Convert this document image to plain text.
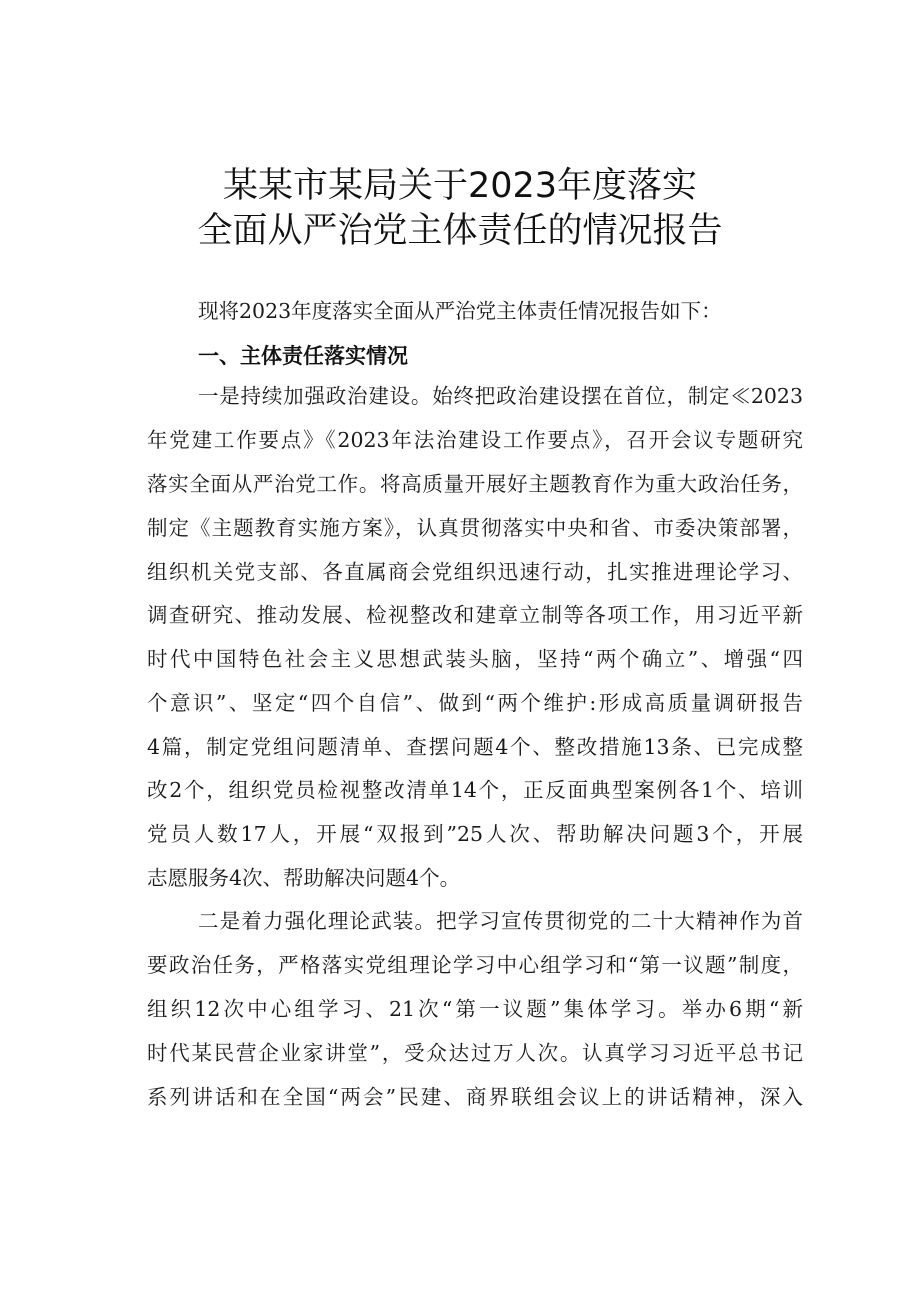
某某市某局关于2023年度落实
全面从严治党主体责任的情况报告
现将2023年度落实全面从严治党主体责任情况报告如下：
一、主体责任落实情况
一是持续加强政治建设。始终把政治建设摆在首位，制定≪2023
年党建工作要点》《2023年法治建设工作要点》，召开会议专题研究
落实全面从严治党工作。将高质量开展好主题教育作为重大政治任务，
制定《主题教育实施方案》，认真贯彻落实中央和省、市委决策部署，
组织机关党支部、各直属商会党组织迅速行动，扎实推进理论学习、
调查研究、推动发展、检视整改和建章立制等各项工作，用习近平新
时代中国特色社会主义思想武装头脑，坚持“两个确立”、增强“四
个意识”、坚定“四个自信”、做到“两个维护:形成高质量调研报告
4篇，制定党组问题清单、查摆问题4个、整改措施13条、已完成整
改2个，组织党员检视整改清单14个，正反面典型案例各1个、培训
党员人数17人，开展“双报到”25人次、帮助解决问题3个，开展
志愿服务4次、帮助解决问题4个。
二是着力强化理论武装。把学习宣传贯彻党的二十大精神作为首
要政治任务，严格落实党组理论学习中心组学习和“第一议题”制度，
组织12次中心组学习、21次“第一议题”集体学习。举办6期“新
时代某民营企业家讲堂”，受众达过万人次。认真学习习近平总书记
系列讲话和在全国“两会”民建、商界联组会议上的讲话精神，深入
